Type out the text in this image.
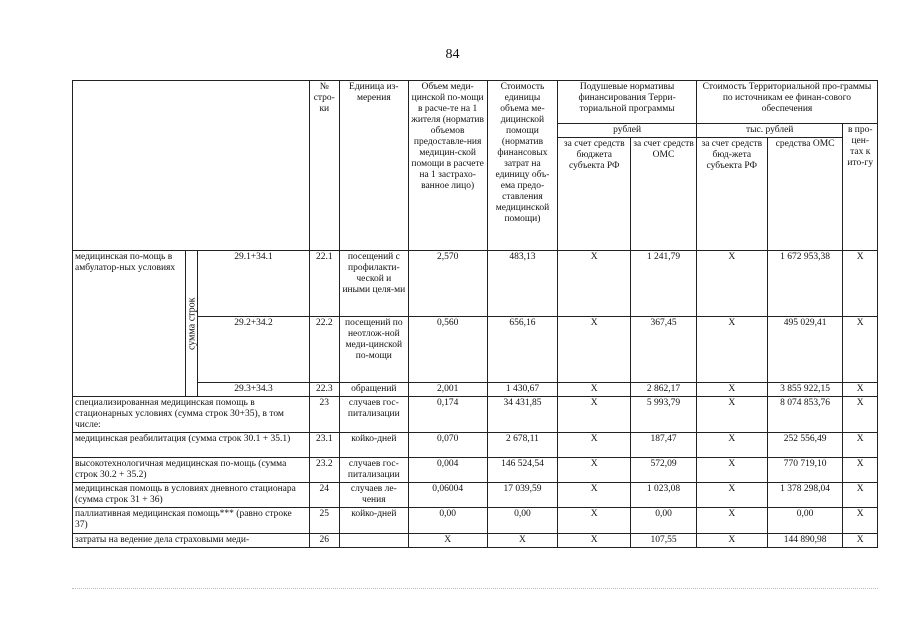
84
			№ стро-ки	Единица из-мерения	Объем меди-цинской по-мощи в расче-те на 1 жителя (норматив объемов предоставле-ния медицин-ской помощи в расчете на 1 застрахо-ванное лицо)	Стоимость единицы объема ме-дицинской помощи (норматив финансовых затрат на единицу объ-ема предо-ставления медицинской помощи)	Подушевые нормативы финансирования Терри-ториальной программы		Стоимость Территориальной про-граммы по источникам ее финан-сового обеспечения		
							рублей		тыс. рублей		в про-цен-тах к ито-гу
							за счет средств бюджета субъекта РФ	за счет средств ОМС	за счет средств бюд-жета субъекта РФ	средства ОМС	
медицинская по-мощь в амбулатор-ных условиях	сумма строк	29.1+34.1	22.1	посещений с профилакти-ческой и иными целя-ми	2,570	483,13	X	1 241,79	X	1 672 953,38	X
		29.2+34.2	22.2	посещений по неотлож-ной меди-цинской по-мощи	0,560	656,16	X	367,45	X	495 029,41	X
		29.3+34.3	22.3	обращений	2,001	1 430,67	X	2 862,17	X	3 855 922,15	X
специализированная медицинская помощь в стационарных условиях (сумма строк 30+35), в том числе:			23	случаев гос-питализации	0,174	34 431,85	X	5 993,79	X	8 074 853,76	X
медицинская реабилитация (сумма строк 30.1 + 35.1)			23.1	койко-дней	0,070	2 678,11	X	187,47	X	252 556,49	X
высокотехнологичная медицинская по-мощь (сумма строк 30.2 + 35.2)			23.2	случаев гос-питализации	0,004	146 524,54	X	572,09	X	770 719,10	X
медицинская помощь в условиях дневного стационара (сумма строк 31 + 36)			24	случаев ле-чения	0,06004	17 039,59	X	1 023,08	X	1 378 298,04	X
паллиативная медицинская помощь*** (равно строке 37)			25	койко-дней	0,00	0,00	X	0,00	X	0,00	X
затраты на ведение дела страховыми меди-			26		X	X	X	107,55	X	144 890,98	X
